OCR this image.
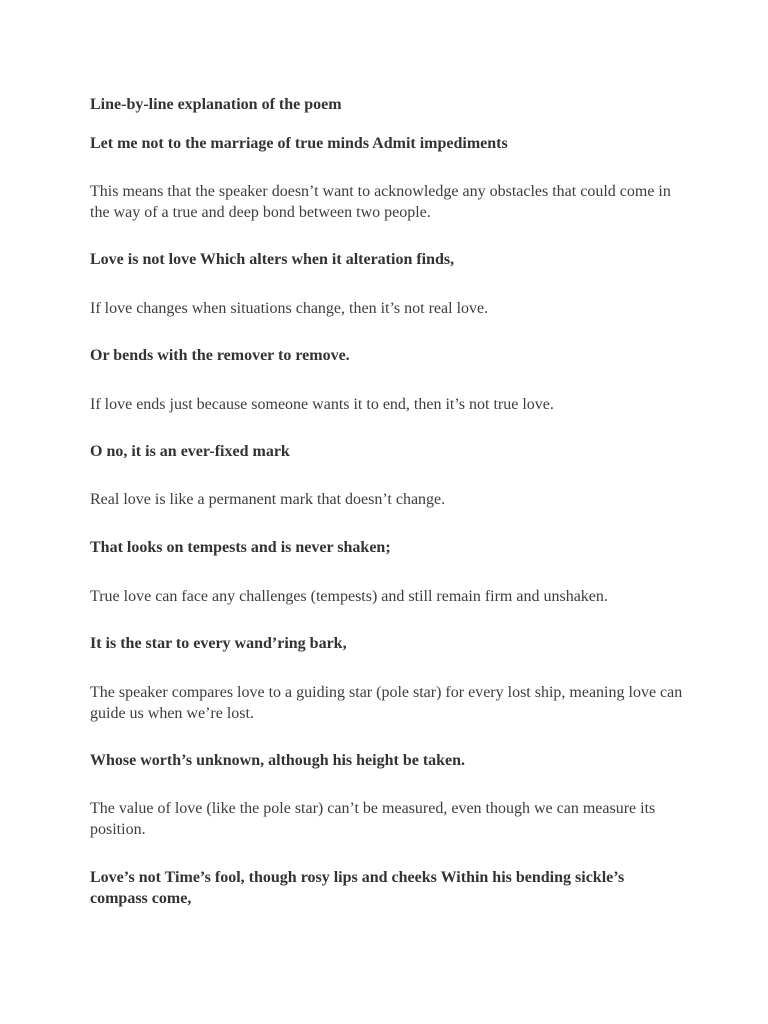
Line-by-line explanation of the poem

Let me not to the marriage of true minds Admit impediments

This means that the speaker doesn’t want to acknowledge any obstacles that could come in the way of a true and deep bond between two people.

Love is not love Which alters when it alteration finds,

If love changes when situations change, then it’s not real love.

Or bends with the remover to remove.

If love ends just because someone wants it to end, then it’s not true love.

O no, it is an ever-fixed mark

Real love is like a permanent mark that doesn’t change.

That looks on tempests and is never shaken;

True love can face any challenges (tempests) and still remain firm and unshaken.

It is the star to every wand’ring bark,

The speaker compares love to a guiding star (pole star) for every lost ship, meaning love can guide us when we’re lost.

Whose worth’s unknown, although his height be taken.

The value of love (like the pole star) can’t be measured, even though we can measure its position.

Love’s not Time’s fool, though rosy lips and cheeks Within his bending sickle’s compass come,
